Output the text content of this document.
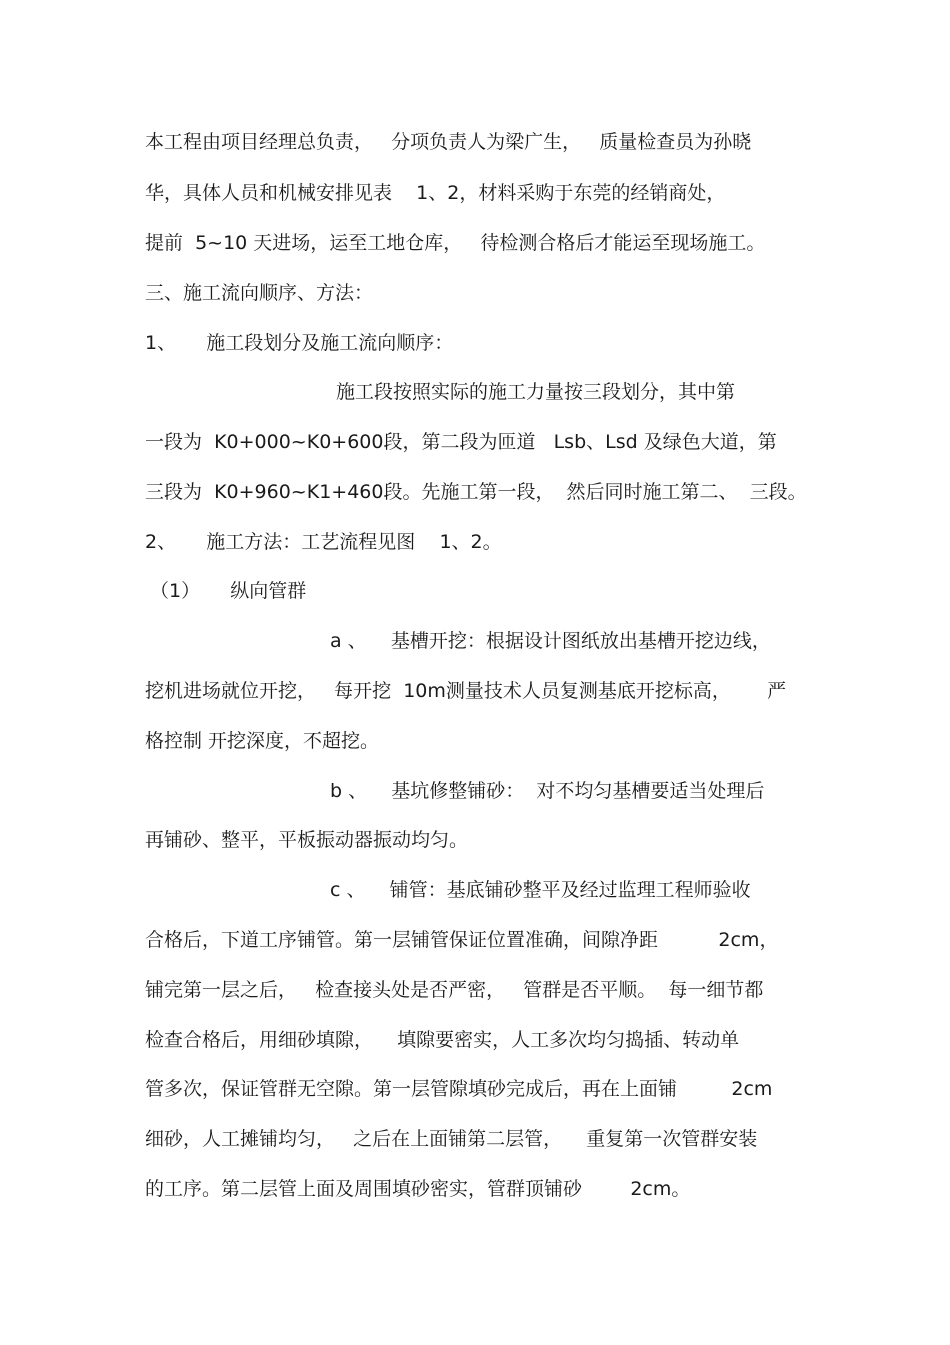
本工程由项目经理总负责，   分项负责人为梁广生，   质量检查员为孙晓
华，具体人员和机械安排见表    1、2，材料采购于东莞的经销商处，
提前  5~10 天进场，运至工地仓库，   待检测合格后才能运至现场施工。
三、施工流向顺序、方法：
1、     施工段划分及施工流向顺序：
施工段按照实际的施工力量按三段划分，其中第
一段为  K0+000~K0+600段，第二段为匝道   Lsb、Lsd 及绿色大道，第
三段为  K0+960~K1+460段。先施工第一段，  然后同时施工第二、  三段。
2、     施工方法：工艺流程见图    1、2。
（1）     纵向管群
a 、    基槽开挖：根据设计图纸放出基槽开挖边线，
挖机进场就位开挖，   每开挖  10m测量技术人员复测基底开挖标高，      严
格控制 开挖深度，不超挖。
b 、    基坑修整铺砂：  对不均匀基槽要适当处理后
再铺砂、整平，平板振动器振动均匀。
c 、    铺管：基底铺砂整平及经过监理工程师验收
合格后，下道工序铺管。第一层铺管保证位置准确，间隙净距          2cm，
铺完第一层之后，   检查接头处是否严密，   管群是否平顺。  每一细节都
检查合格后，用细砂填隙，    填隙要密实，人工多次均匀捣插、转动单
管多次，保证管群无空隙。第一层管隙填砂完成后，再在上面铺         2cm
细砂，人工摊铺均匀，   之后在上面铺第二层管，    重复第一次管群安装
的工序。第二层管上面及周围填砂密实，管群顶铺砂        2cm。
